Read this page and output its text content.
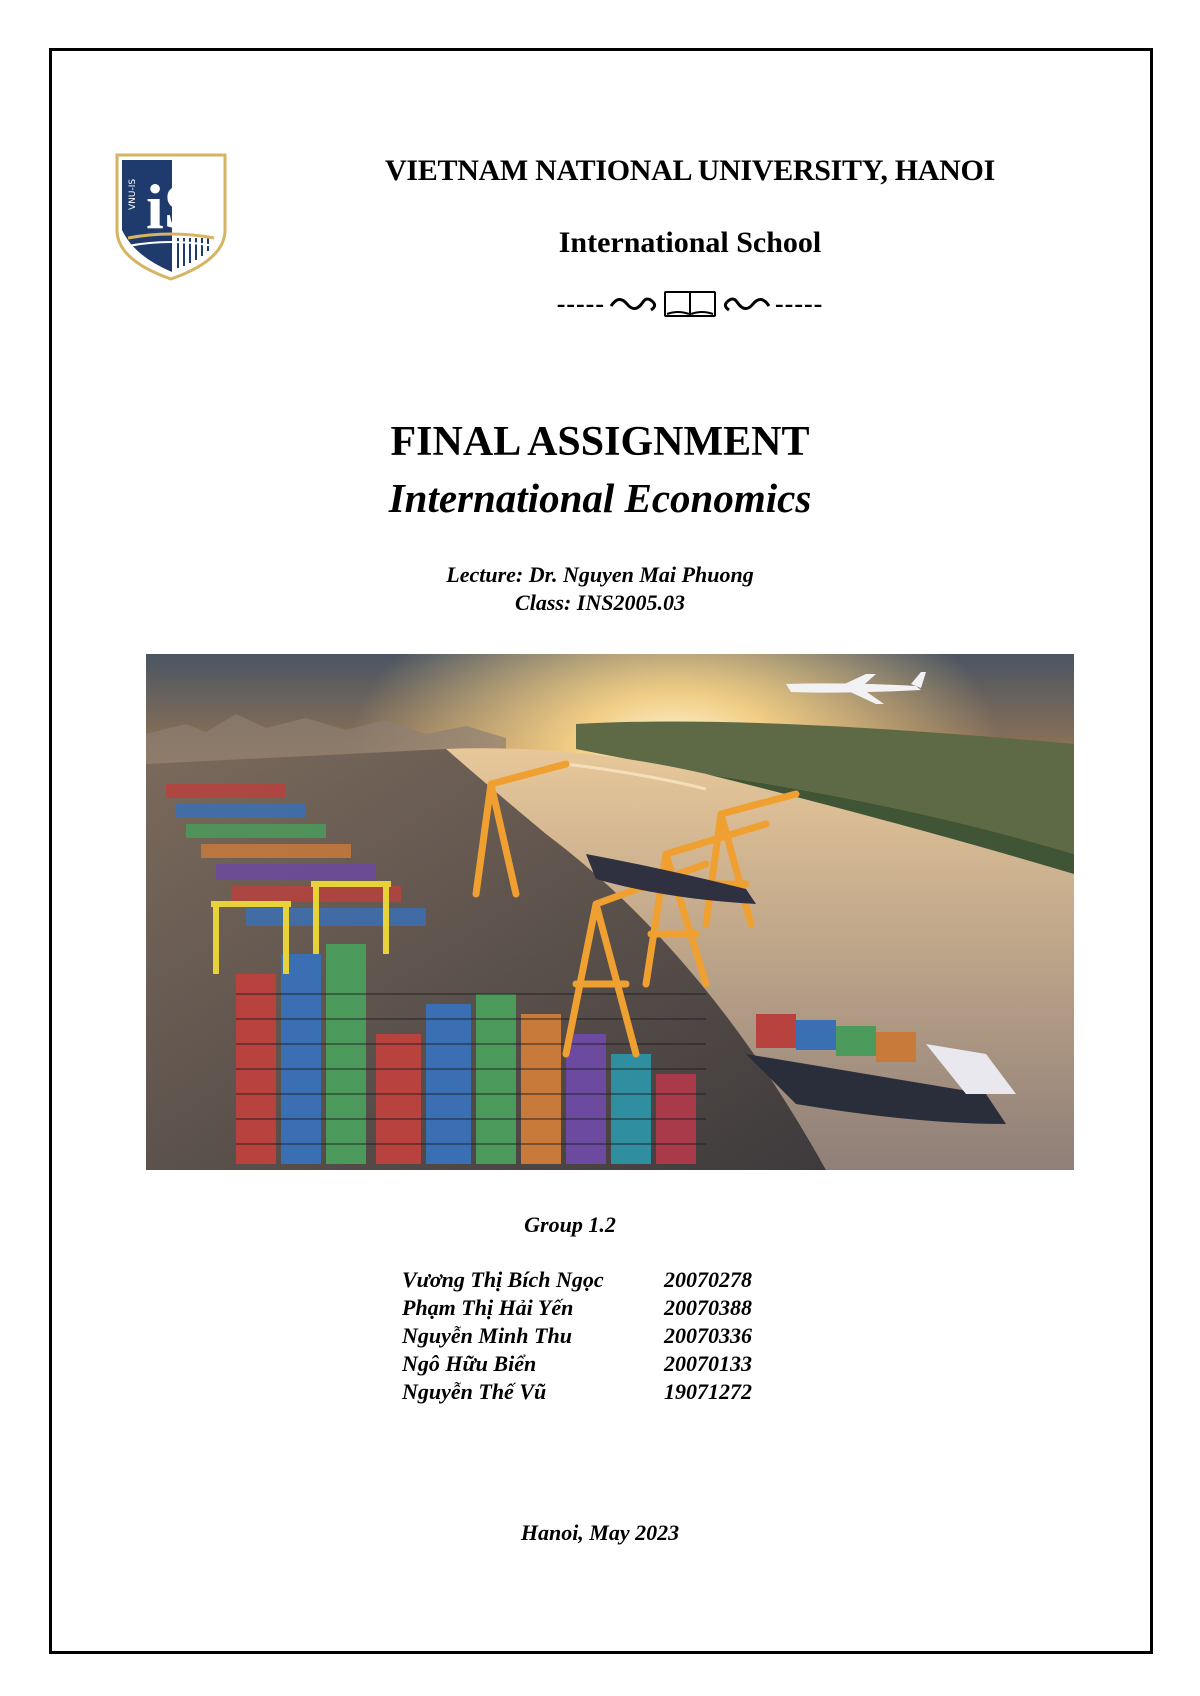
VNU-IS iS
VIETNAM NATIONAL UNIVERSITY, HANOI
International School
-----	-----
FINAL ASSIGNMENT
International Economics
Lecture: Dr. Nguyen Mai Phuong
Class: INS2005.03
Group 1.2
Vương Thị Bích Ngọc	20070278
Phạm Thị Hải Yến	20070388
Nguyễn Minh Thu	20070336
Ngô Hữu Biển	20070133
Nguyễn Thế Vũ	19071272
Hanoi, May 2023
